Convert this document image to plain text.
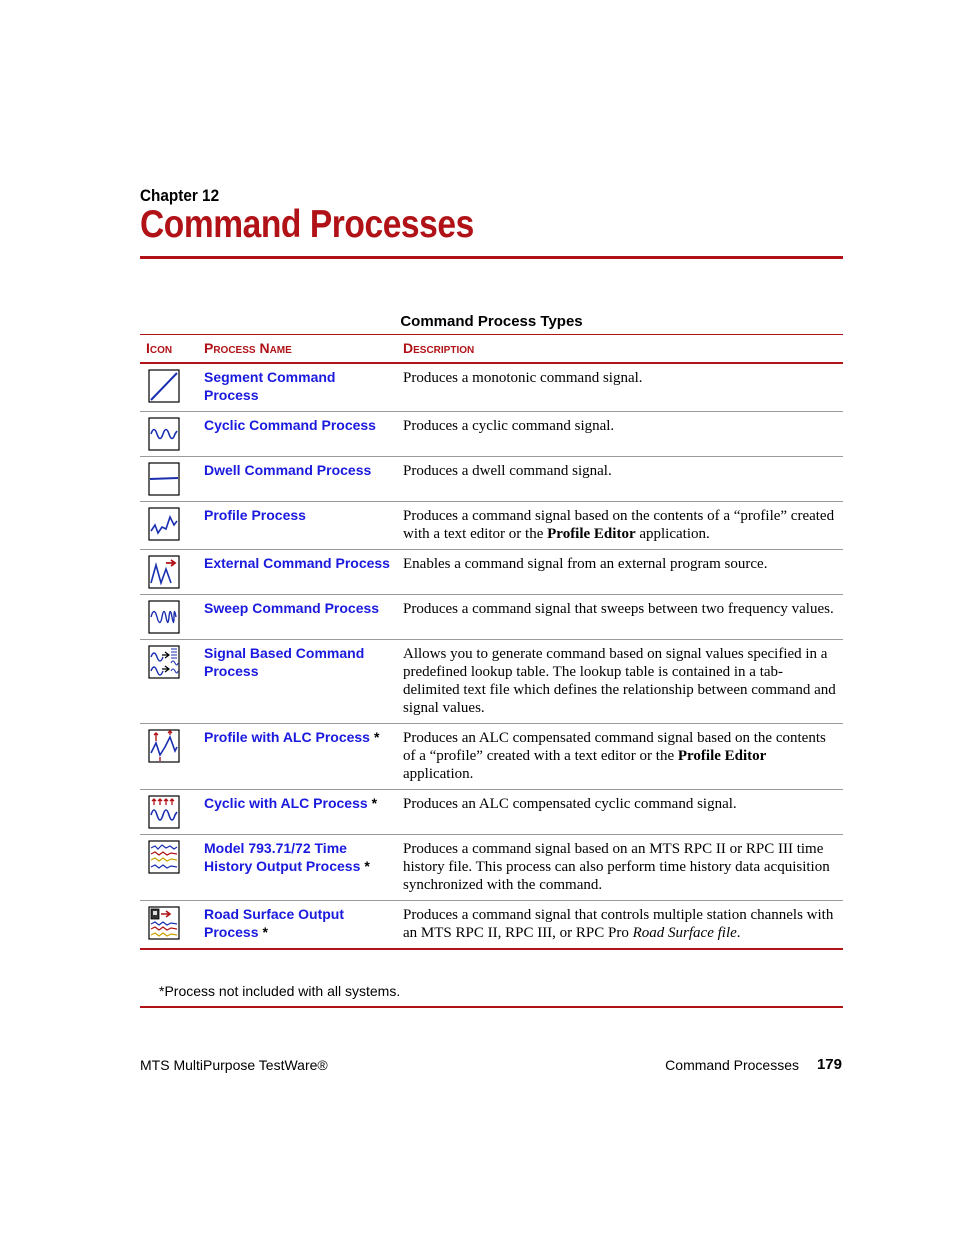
Chapter 12
Command Processes
Command Process Types
Icon	Process Name	Description

	Segment Command Process	Produces a monotonic command signal.

	Cyclic Command Process	Produces a cyclic command signal.

	Dwell Command Process	Produces a dwell command signal.

	Profile Process	Produces a command signal based on the contents of a “profile” created with a text editor or the Profile Editor application.

	External Command Process	Enables a command signal from an external program source.

	Sweep Command Process	Produces a command signal that sweeps between two frequency values.

	Signal Based Command Process	Allows you to generate command based on signal values specified in a predefined lookup table. The lookup table is contained in a tab-delimited text file which defines the relationship between command and signal values.

	Profile with ALC Process *	Produces an ALC compensated command signal based on the contents of a “profile” created with a text editor or the Profile Editor application.

	Cyclic with ALC Process *	Produces an ALC compensated cyclic command signal.

	Model 793.71/72 Time History Output Process *	Produces a command signal based on an MTS RPC II or RPC III time history file. This process can also perform time history data acquisition synchronized with the command.

	Road Surface Output Process *	Produces a command signal that controls multiple station channels with an MTS RPC II, RPC III, or RPC Pro Road Surface file.
*Process not included with all systems.
MTS MultiPurpose TestWare®	Command Processes 179
